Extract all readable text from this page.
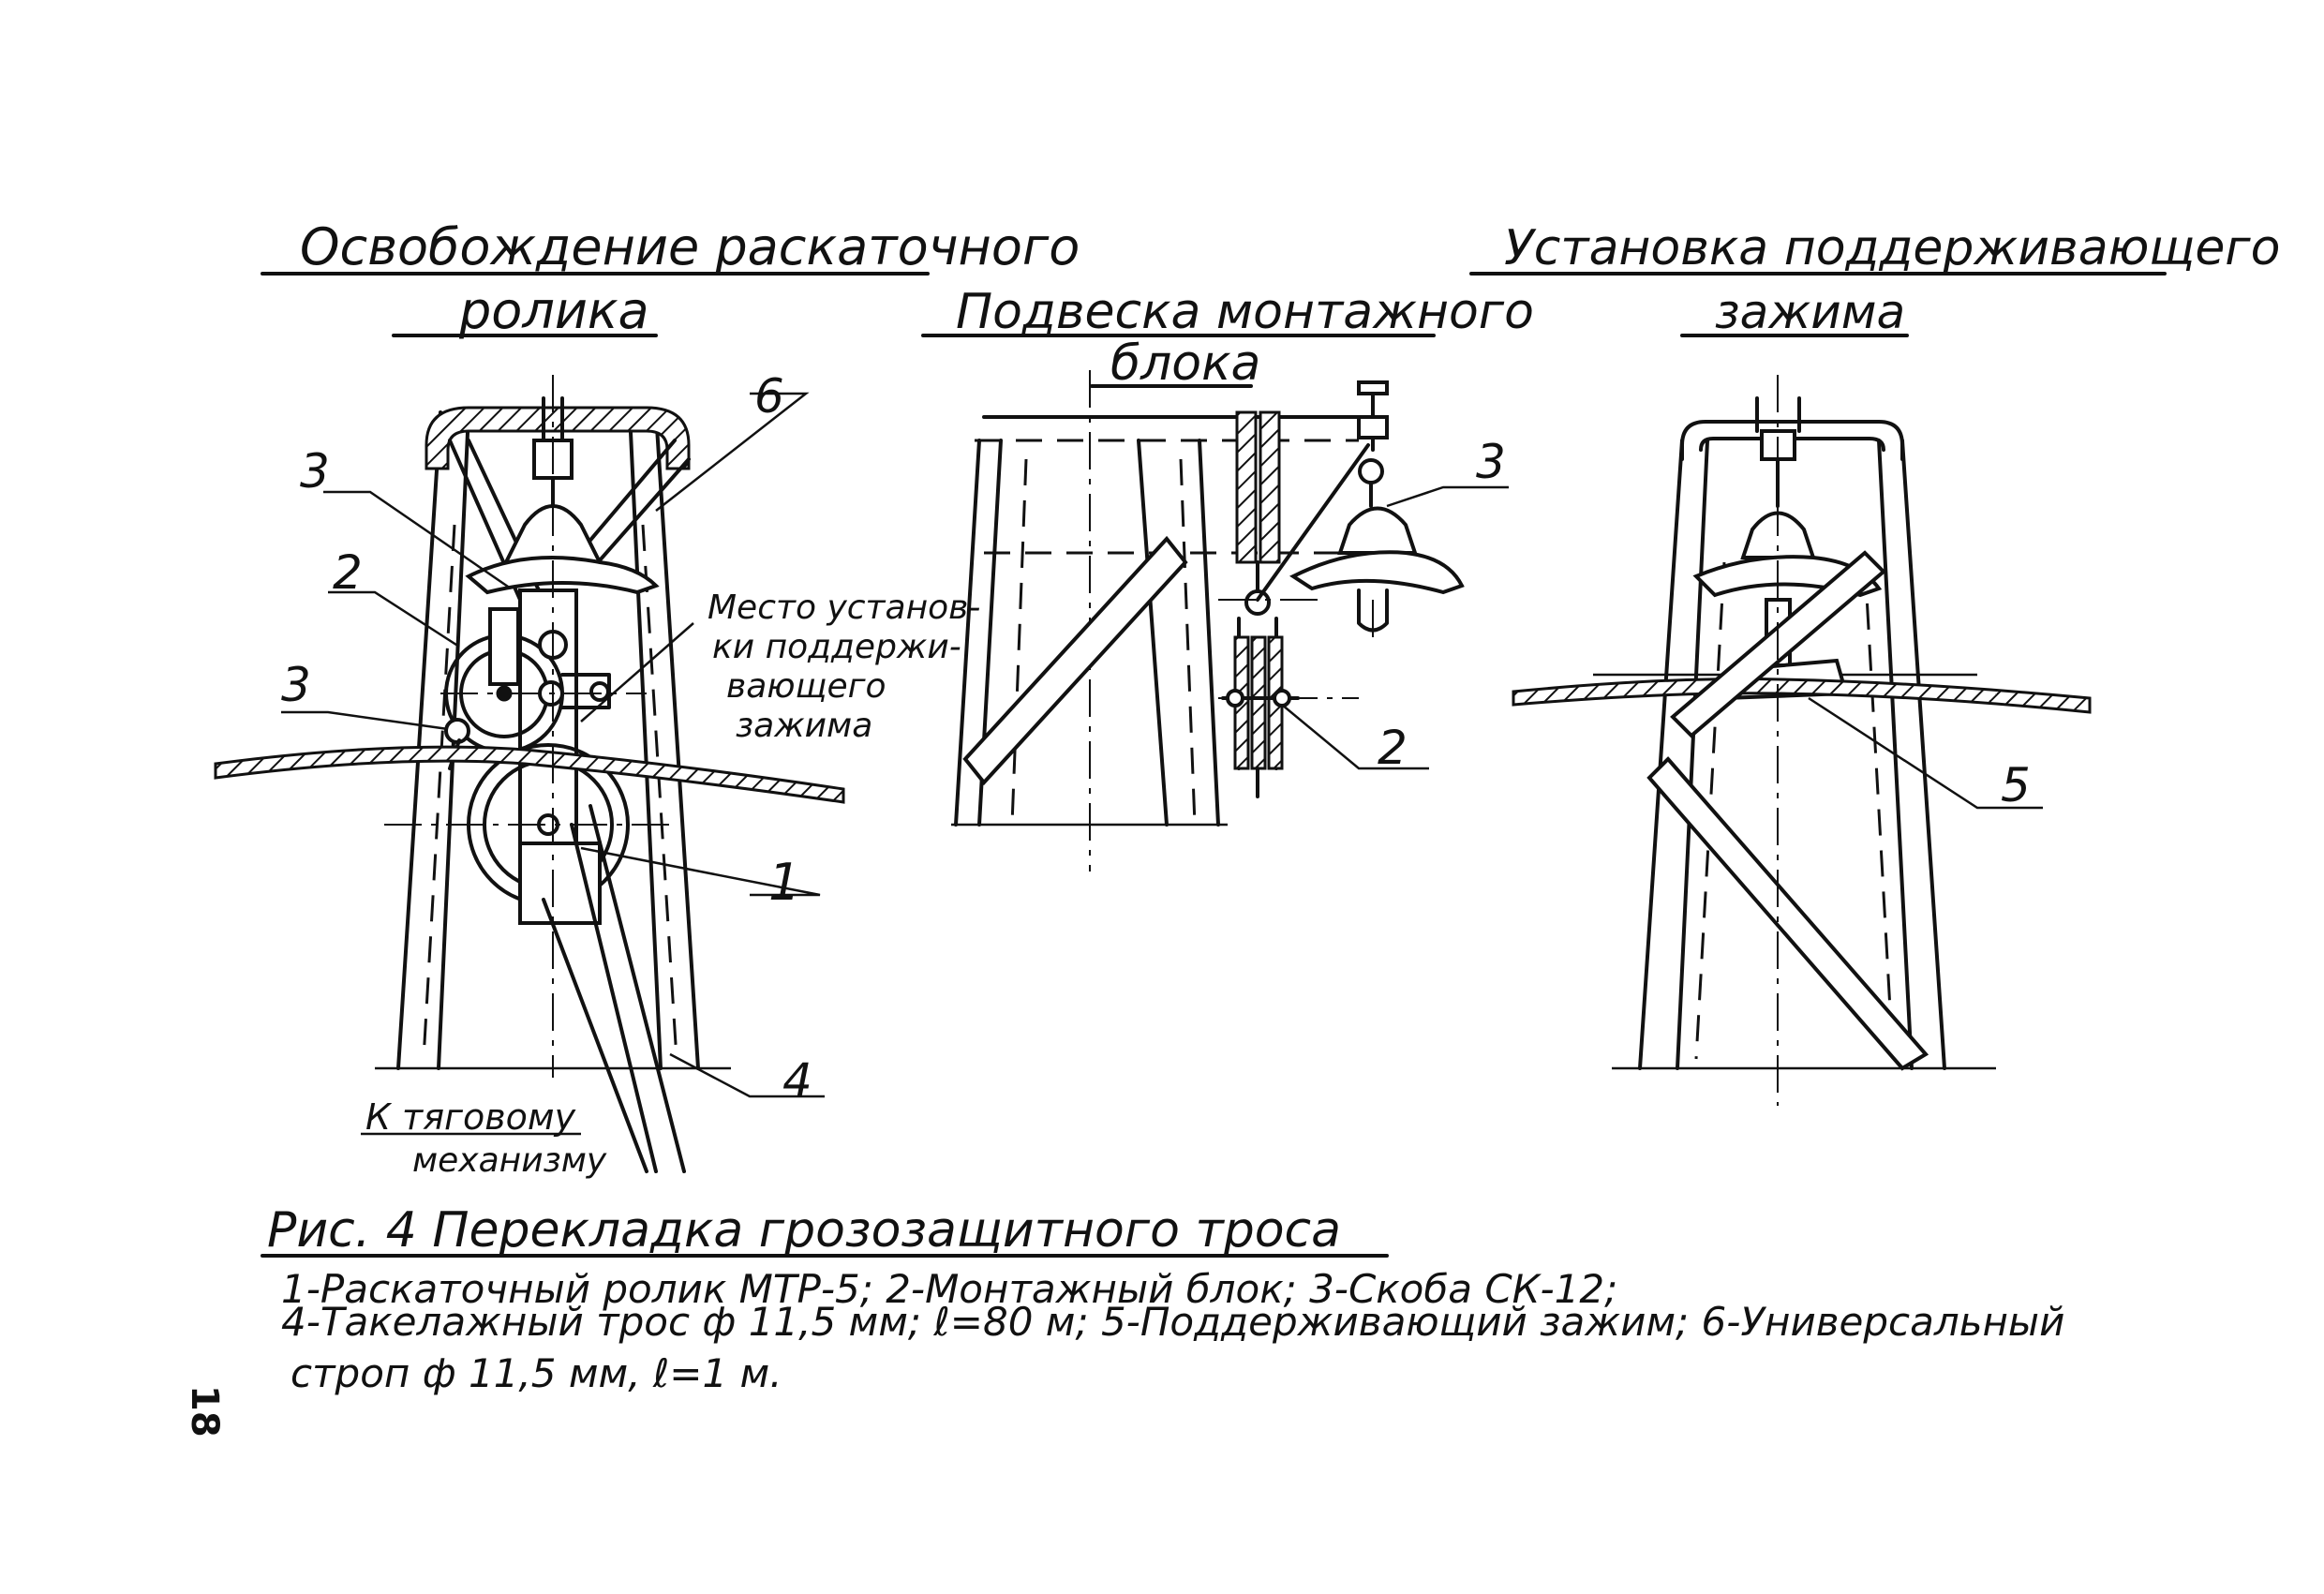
Освобождение раскаточного
ролика	Подвеска монтажного
блока
Установка поддерживающего
зажима
6
3
2
3
1
4
3
2
5
Место установ-
ки поддержи-
вающего
зажима
К тяговому
механизму
Рис. 4 Перекладка грозозащитного троса
1-Раскаточный ролик МТР-5; 2-Монтажный блок; 3-Скоба СК-12;
4-Такелажный трос ф 11,5 мм; ℓ=80 м; 5-Поддерживающий зажим; 6-Универсальный
строп ф 11,5 мм, ℓ=1 м.
18
